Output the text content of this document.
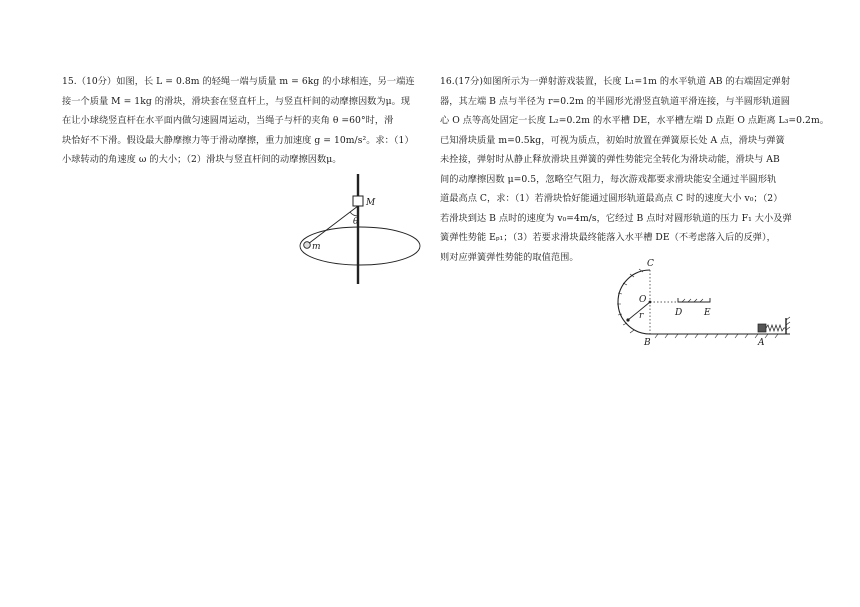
15.（10分）如图，长 L = 0.8m 的轻绳一端与质量 m = 6kg 的小球相连，另一端连

接一个质量 M = 1kg 的滑块，滑块套在竖直杆上，与竖直杆间的动摩擦因数为μ。现

在让小球绕竖直杆在水平面内做匀速圆周运动，当绳子与杆的夹角 θ =60°时，滑

块恰好不下滑。假设最大静摩擦力等于滑动摩擦，重力加速度 g = 10m/s²。求：（1）

小球转动的角速度 ω 的大小；（2）滑块与竖直杆间的动摩擦因数μ。

M
θ
m

16.(17分)如图所示为一弹射游戏装置，长度 L₁=1m 的水平轨道 AB 的右端固定弹射

器，其左端 B 点与半径为 r=0.2m 的半圆形光滑竖直轨道平滑连接，与半圆形轨道圆

心 O 点等高处固定一长度 L₂=0.2m 的水平槽 DE，水平槽左端 D 点距 O 点距离 L₃=0.2m。

已知滑块质量 m=0.5kg，可视为质点，初始时放置在弹簧原长处 A 点，滑块与弹簧

未拴接，弹射时从静止释放滑块且弹簧的弹性势能完全转化为滑块动能，滑块与 AB

间的动摩擦因数 μ=0.5，忽略空气阻力，每次游戏都要求滑块能安全通过半圆形轨

道最高点 C，求：（1）若滑块恰好能通过圆形轨道最高点 C 时的速度大小 v₀；（2）

若滑块到达 B 点时的速度为 v₀=4m/s，它经过 B 点时对圆形轨道的压力 F₁ 大小及弹

簧弹性势能 Eₚ₁；（3）若要求滑块最终能落入水平槽 DE（不考虑落入后的反弹），

则对应弹簧弹性势能的取值范围。

C
O
r	D E
B	A
